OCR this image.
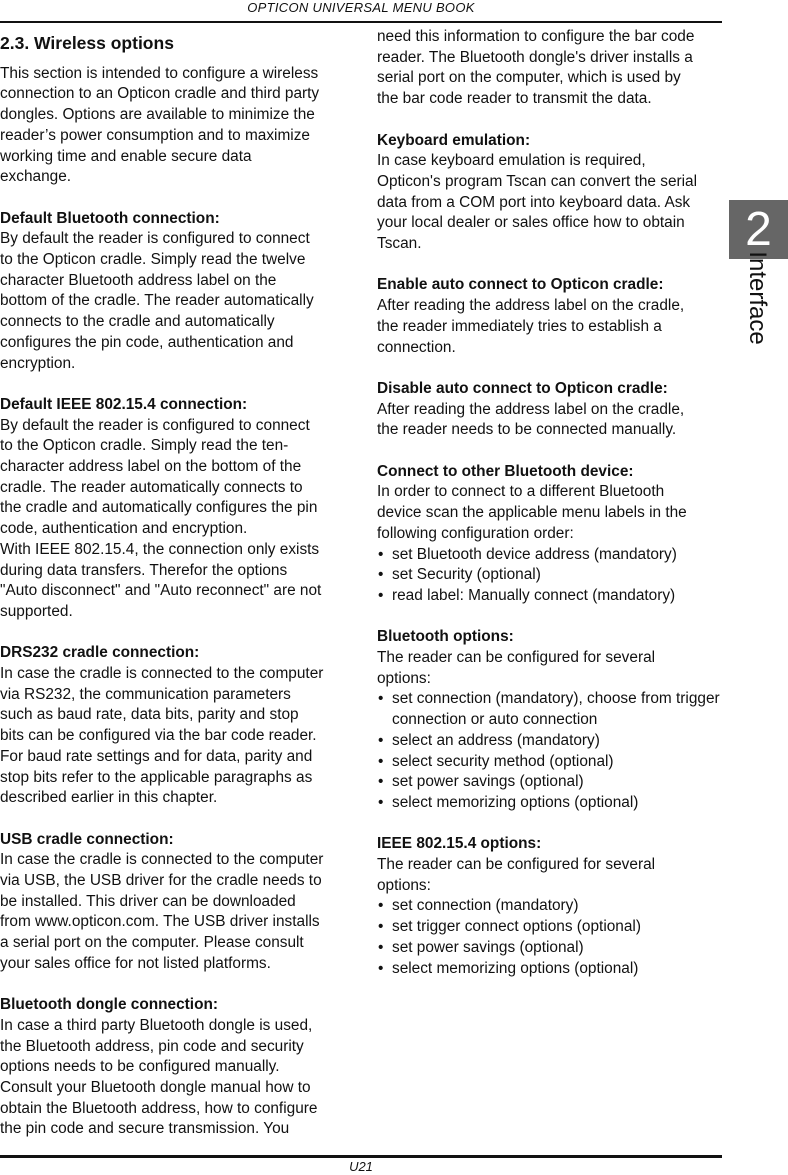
OPTICON UNIVERSAL MENU BOOK
2
Interface

2.3. Wireless options

This section is intended to configure a wireless
connection to an Opticon cradle and third party
dongles. Options are available to minimize the
reader’s power consumption and to maximize
working time and enable secure data
exchange.

Default Bluetooth connection:

By default the reader is configured to connect
to the Opticon cradle. Simply read the twelve
character Bluetooth address label on the
bottom of the cradle. The reader automatically
connects to the cradle and automatically
configures the pin code, authentication and
encryption.

Default IEEE 802.15.4 connection:

By default the reader is configured to connect
to the Opticon cradle. Simply read the ten-
character address label on the bottom of the
cradle. The reader automatically connects to
the cradle and automatically configures the pin
code, authentication and encryption.
With IEEE 802.15.4, the connection only exists
during data transfers. Therefor the options
"Auto disconnect" and "Auto reconnect" are not
supported.

DRS232 cradle connection:

In case the cradle is connected to the computer
via RS232, the communication parameters
such as baud rate, data bits, parity and stop
bits can be configured via the bar code reader.
For baud rate settings and for data, parity and
stop bits refer to the applicable paragraphs as
described earlier in this chapter.

USB cradle connection:

In case the cradle is connected to the computer
via USB, the USB driver for the cradle needs to
be installed. This driver can be downloaded
from www.opticon.com. The USB driver installs
a serial port on the computer. Please consult
your sales office for not listed platforms.

Bluetooth dongle connection:

In case a third party Bluetooth dongle is used,
the Bluetooth address, pin code and security
options needs to be configured manually.
Consult your Bluetooth dongle manual how to
obtain the Bluetooth address, how to configure
the pin code and secure transmission. You
need this information to configure the bar code
reader. The Bluetooth dongle's driver installs a
serial port on the computer, which is used by
the bar code reader to transmit the data.

Keyboard emulation:

In case keyboard emulation is required,
Opticon's program Tscan can convert the serial
data from a COM port into keyboard data. Ask
your local dealer or sales office how to obtain
Tscan.

Enable auto connect to Opticon cradle:

After reading the address label on the cradle,
the reader immediately tries to establish a
connection.

Disable auto connect to Opticon cradle:

After reading the address label on the cradle,
the reader needs to be connected manually.

Connect to other Bluetooth device:

In order to connect to a different Bluetooth
device scan the applicable menu labels in the
following configuration order:
• set Bluetooth device address (mandatory)
• set Security (optional)
• read label: Manually connect (mandatory)

Bluetooth options:

The reader can be configured for several
options:
• set connection (mandatory), choose from trigger connection or auto connection
• select an address (mandatory)
• select security method (optional)
• set power savings (optional)
• select memorizing options (optional)

IEEE 802.15.4 options:

The reader can be configured for several
options:
• set connection (mandatory)
• set trigger connect options (optional)
• set power savings (optional)
• select memorizing options (optional)
U21
